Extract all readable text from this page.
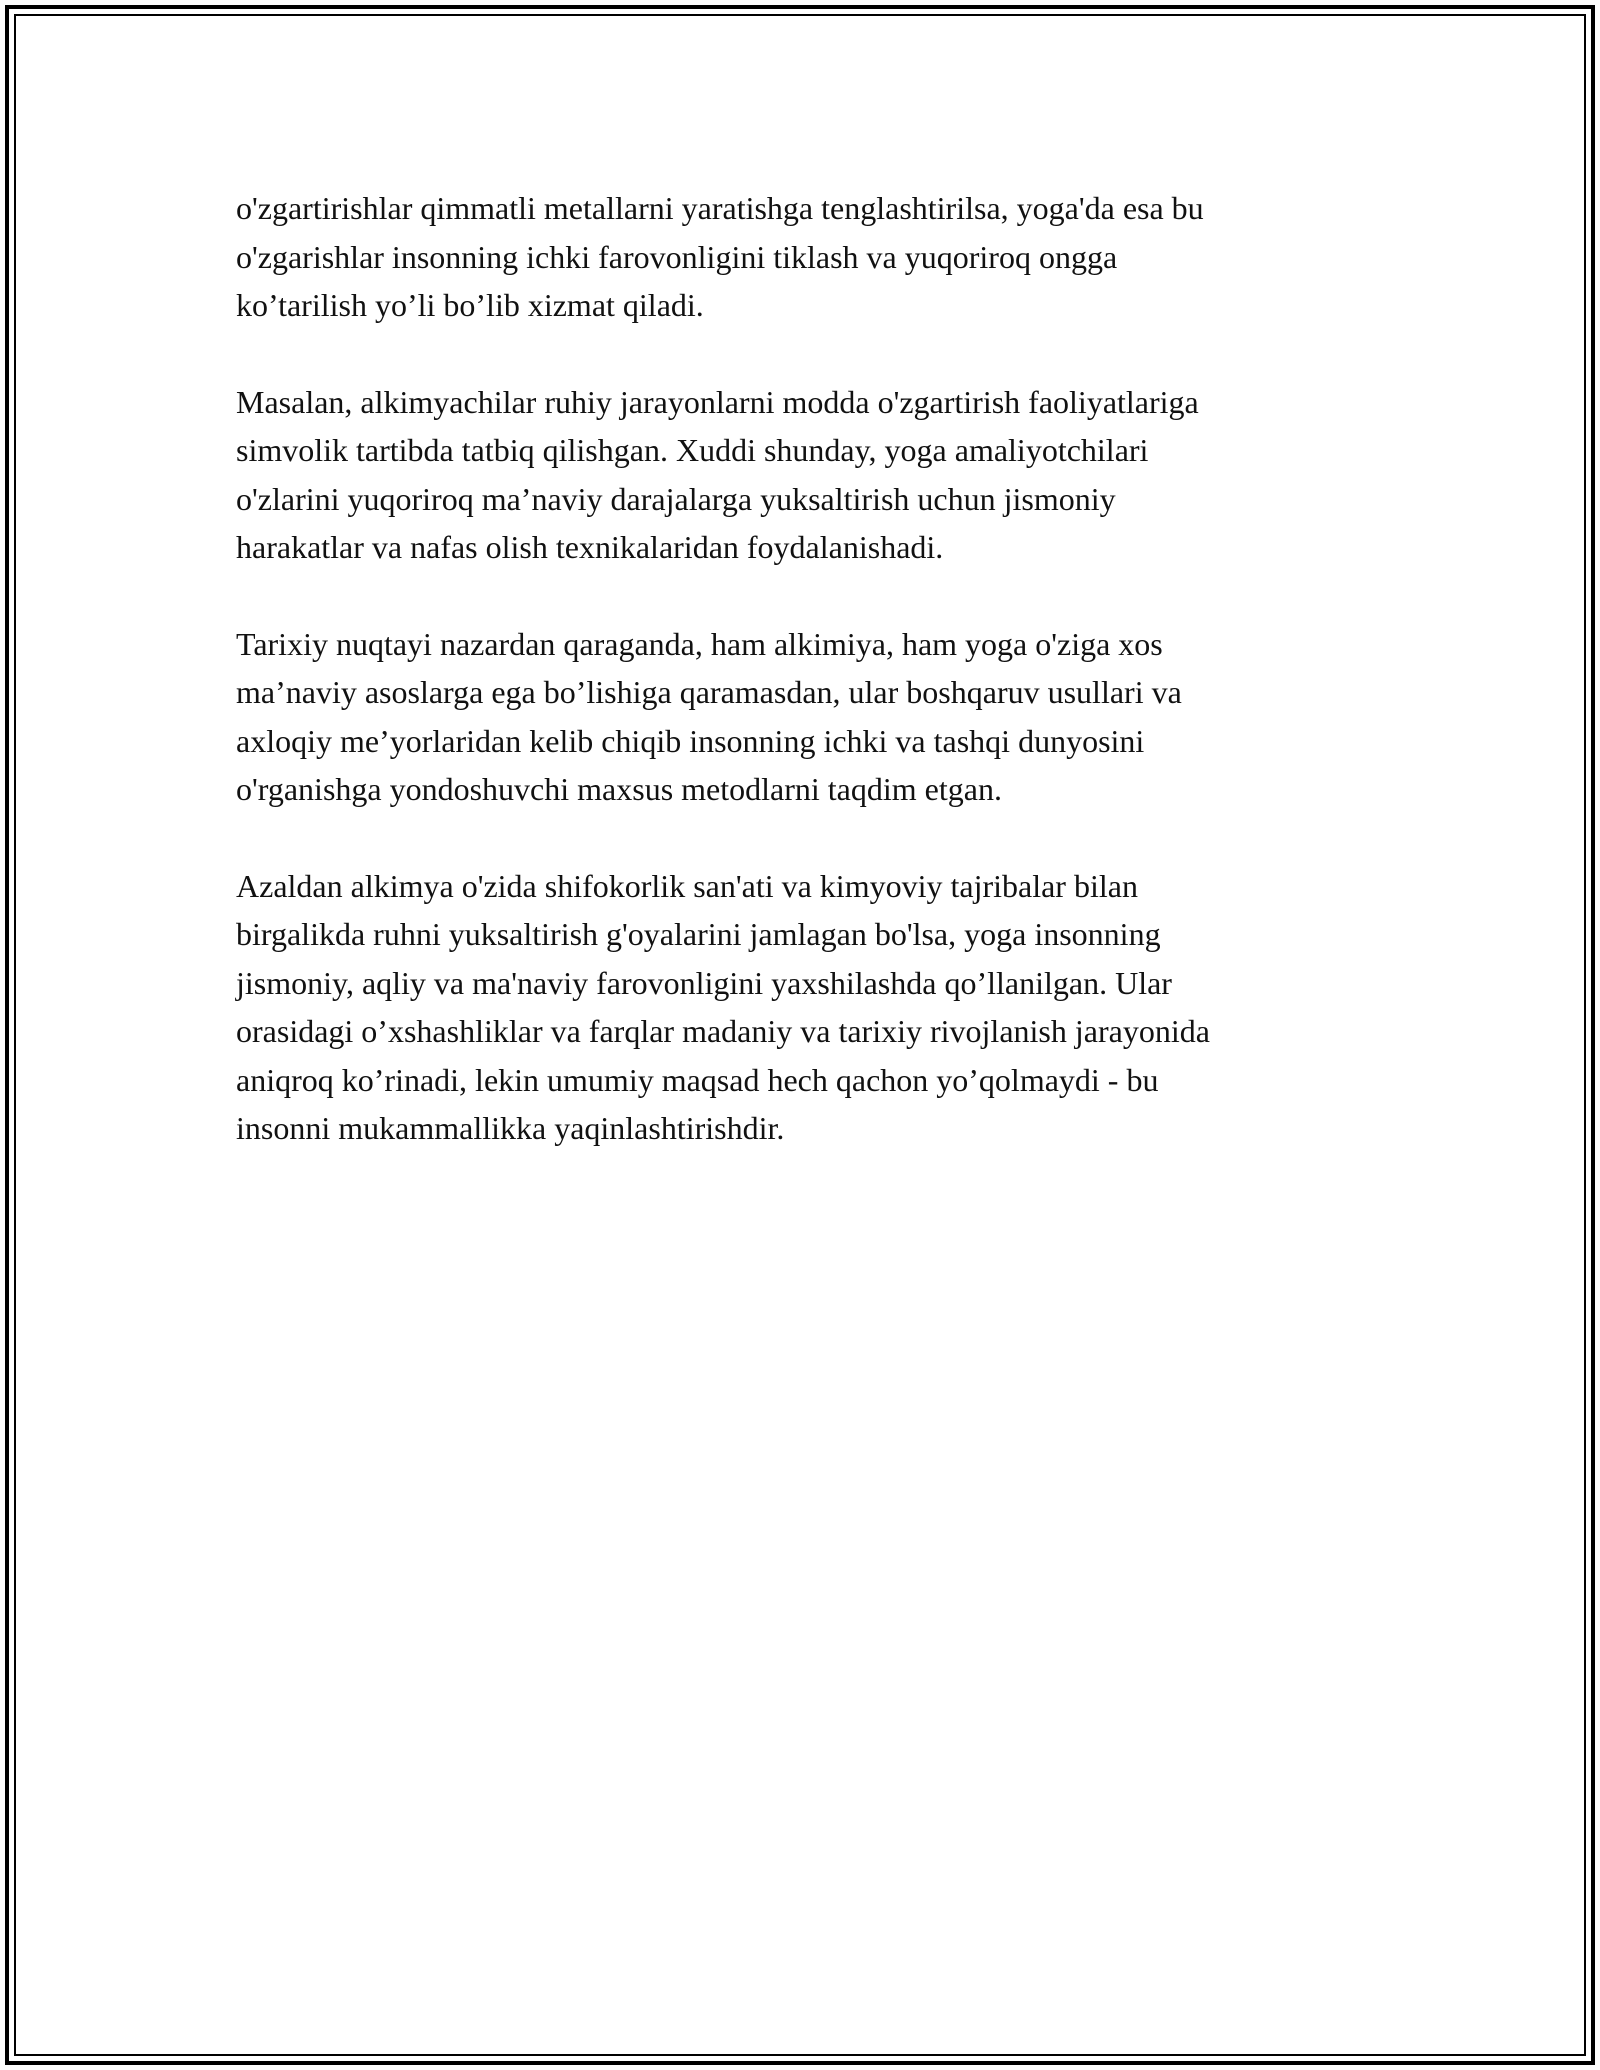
o'zgartirishlar qimmatli metallarni yaratishga tenglashtirilsa, yoga'da esa bu
o'zgarishlar insonning ichki farovonligini tiklash va yuqoriroq ongga
ko’tarilish yo’li bo’lib xizmat qiladi.

Masalan, alkimyachilar ruhiy jarayonlarni modda o'zgartirish faoliyatlariga
simvolik tartibda tatbiq qilishgan. Xuddi shunday, yoga amaliyotchilari
o'zlarini yuqoriroq ma’naviy darajalarga yuksaltirish uchun jismoniy
harakatlar va nafas olish texnikalaridan foydalanishadi.

Tarixiy nuqtayi nazardan qaraganda, ham alkimiya, ham yoga o'ziga xos
ma’naviy asoslarga ega bo’lishiga qaramasdan, ular boshqaruv usullari va
axloqiy me’yorlaridan kelib chiqib insonning ichki va tashqi dunyosini
o'rganishga yondoshuvchi maxsus metodlarni taqdim etgan.

Azaldan alkimya o'zida shifokorlik san'ati va kimyoviy tajribalar bilan
birgalikda ruhni yuksaltirish g'oyalarini jamlagan bo'lsa, yoga insonning
jismoniy, aqliy va ma'naviy farovonligini yaxshilashda qo’llanilgan. Ular
orasidagi o’xshashliklar va farqlar madaniy va tarixiy rivojlanish jarayonida
aniqroq ko’rinadi, lekin umumiy maqsad hech qachon yo’qolmaydi - bu
insonni mukammallikka yaqinlashtirishdir.
